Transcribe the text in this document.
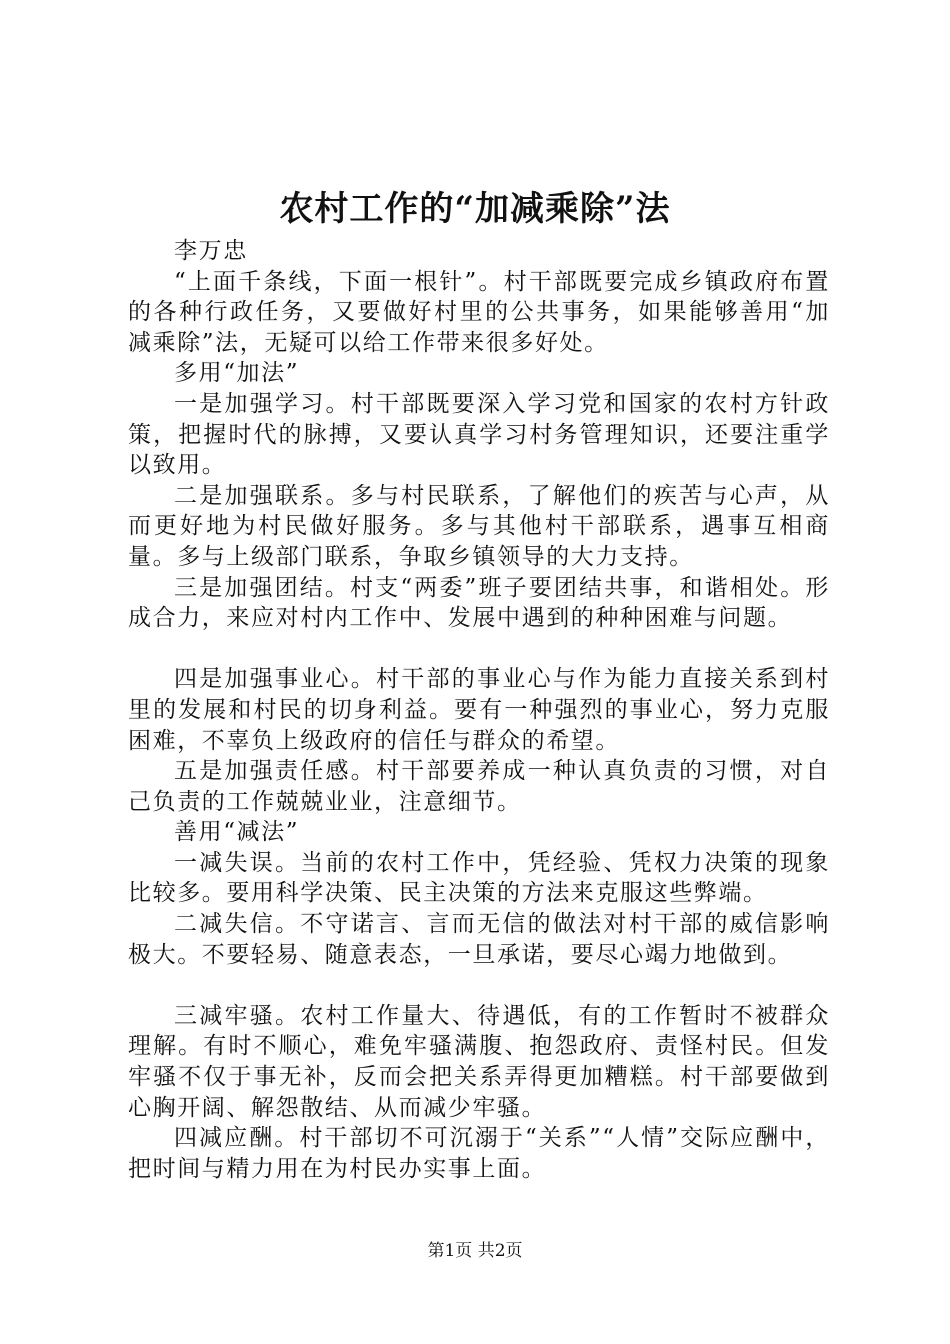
农村工作的“加减乘除”法

李万忠

“上面千条线，下面一根针”。村干部既要完成乡镇政府布置的各种行政任务，又要做好村里的公共事务，如果能够善用“加减乘除”法，无疑可以给工作带来很多好处。

多用“加法”

一是加强学习。村干部既要深入学习党和国家的农村方针政策，把握时代的脉搏，又要认真学习村务管理知识，还要注重学以致用。

二是加强联系。多与村民联系，了解他们的疾苦与心声，从而更好地为村民做好服务。多与其他村干部联系，遇事互相商量。多与上级部门联系，争取乡镇领导的大力支持。

三是加强团结。村支“两委”班子要团结共事，和谐相处。形成合力，来应对村内工作中、发展中遇到的种种困难与问题。

四是加强事业心。村干部的事业心与作为能力直接关系到村里的发展和村民的切身利益。要有一种强烈的事业心，努力克服困难，不辜负上级政府的信任与群众的希望。

五是加强责任感。村干部要养成一种认真负责的习惯，对自己负责的工作兢兢业业，注意细节。

善用“减法”

一减失误。当前的农村工作中，凭经验、凭权力决策的现象比较多。要用科学决策、民主决策的方法来克服这些弊端。

二减失信。不守诺言、言而无信的做法对村干部的威信影响极大。不要轻易、随意表态，一旦承诺，要尽心竭力地做到。

三减牢骚。农村工作量大、待遇低，有的工作暂时不被群众理解。有时不顺心，难免牢骚满腹、抱怨政府、责怪村民。但发牢骚不仅于事无补，反而会把关系弄得更加糟糕。村干部要做到心胸开阔、解怨散结、从而减少牢骚。

四减应酬。村干部切不可沉溺于“关系”“人情”交际应酬中，把时间与精力用在为村民办实事上面。

第1页 共2页
